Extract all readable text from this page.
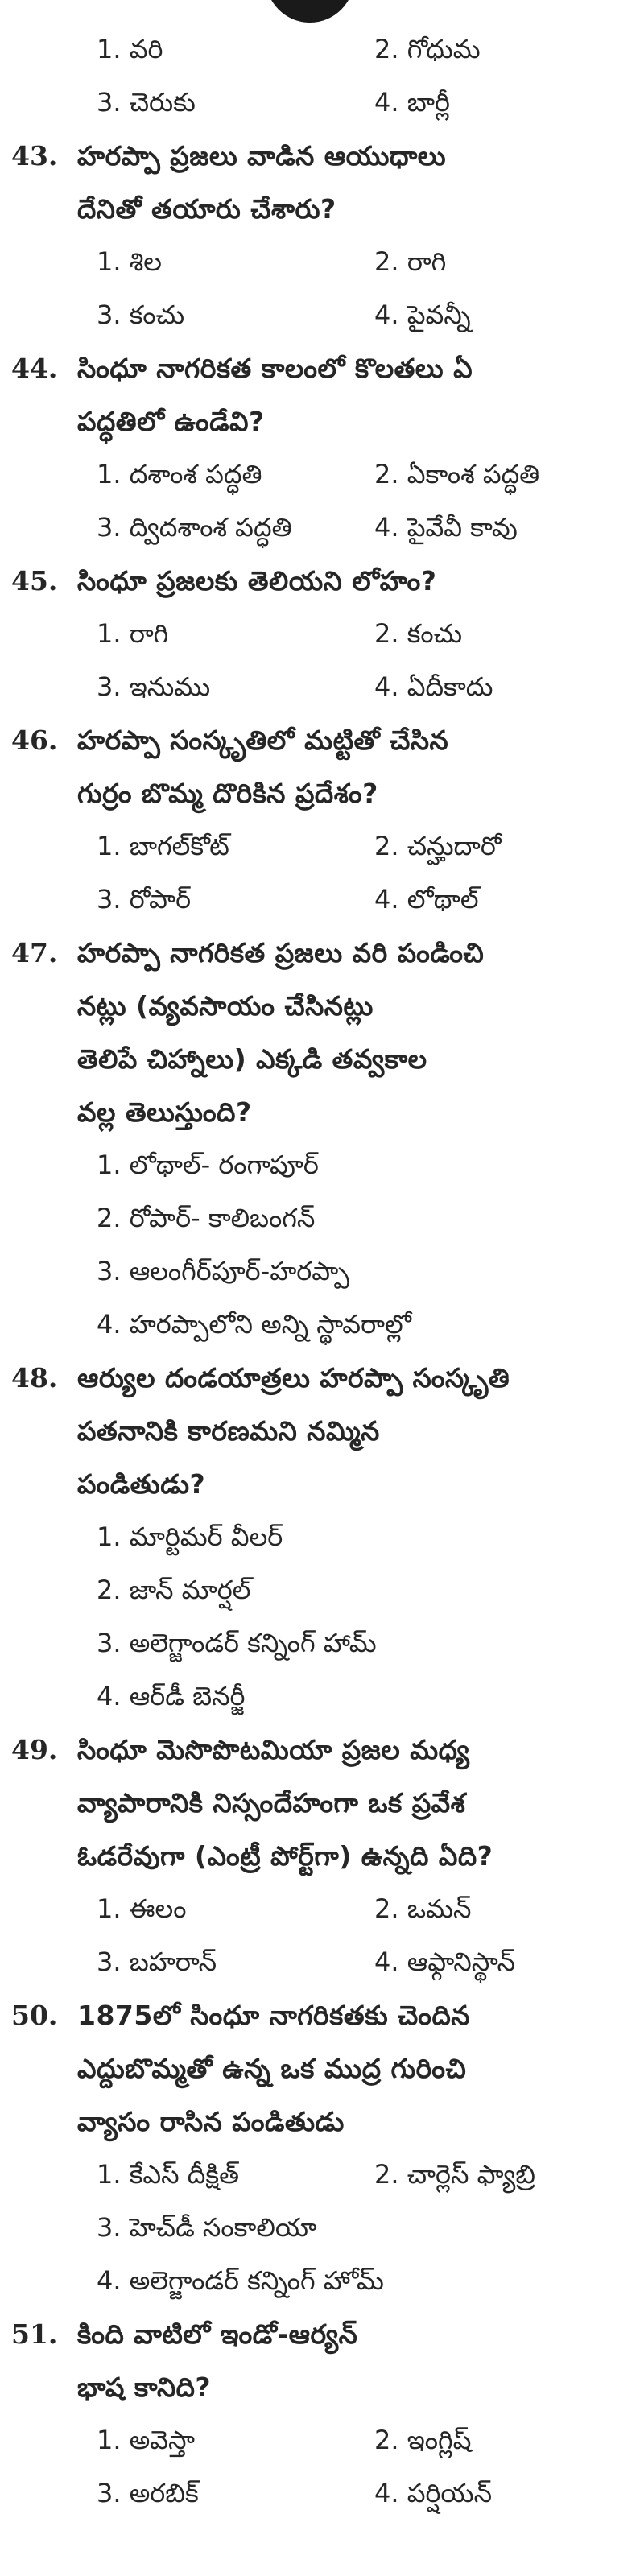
1. వరి	2. గోధుమ
3. చెరుకు	4. బార్లీ
43. హరప్పా ప్రజలు వాడిన ఆయుధాలు
దేనితో తయారు చేశారు?
1. శిల	2. రాగి
3. కంచు	4. పైవన్నీ
44. సింధూ నాగరికత కాలంలో కొలతలు ఏ
పద్ధతిలో ఉండేవి?
1. దశాంశ పద్ధతి	2. ఏకాంశ పద్ధతి
3. ద్విదశాంశ పద్ధతి	4. పైవేవీ కావు
45. సింధూ ప్రజలకు తెలియని లోహం?
1. రాగి	2. కంచు
3. ఇనుము	4. ఏదీకాదు
46. హరప్పా సంస్కృతిలో మట్టితో చేసిన
గుర్రం బొమ్మ దొరికిన ప్రదేశం?
1. బాగల్‌కోట్	2. చన్హుదారో
3. రోపార్	4. లోథాల్
47. హరప్పా నాగరికత ప్రజలు వరి పండించి
నట్లు (వ్యవసాయం చేసినట్లు
తెలిపే చిహ్నాలు) ఎక్కడి తవ్వకాల
వల్ల తెలుస్తుంది?
1. లోథాల్- రంగాపూర్
2. రోపార్- కాలిబంగన్
3. ఆలంగీర్‌పూర్-హరప్పా
4. హరప్పాలోని అన్ని స్థావరాల్లో
48. ఆర్యుల దండయాత్రలు హరప్పా సంస్కృతి
పతనానికి కారణమని నమ్మిన
పండితుడు?
1. మార్టిమర్ వీలర్
2. జాన్ మార్షల్
3. అలెగ్జాండర్ కన్నింగ్ హామ్
4. ఆర్‌డీ బెనర్జీ
49. సింధూ మెసొపొటమియా ప్రజల మధ్య
వ్యాపారానికి నిస్సందేహంగా ఒక ప్రవేశ
ఓడరేవుగా (ఎంట్రీ పోర్ట్‌గా) ఉన్నది ఏది?
1. ఈలం	2. ఒమన్
3. బహరాన్	4. ఆఫ్గానిస్థాన్
50. 1875లో సింధూ నాగరికతకు చెందిన
ఎద్దుబొమ్మతో ఉన్న ఒక ముద్ర గురించి
వ్యాసం రాసిన పండితుడు
1. కేఎస్ దీక్షిత్	2. చార్లెస్ ఫ్యాబ్రి
3. హెచ్‌డీ సంకాలియా
4. అలెగ్జాండర్ కన్నింగ్ హోమ్
51. కింది వాటిలో ఇండో-ఆర్యన్
భాష కానిది?
1. అవెస్తా	2. ఇంగ్లిష్
3. అరబిక్	4. పర్షియన్
